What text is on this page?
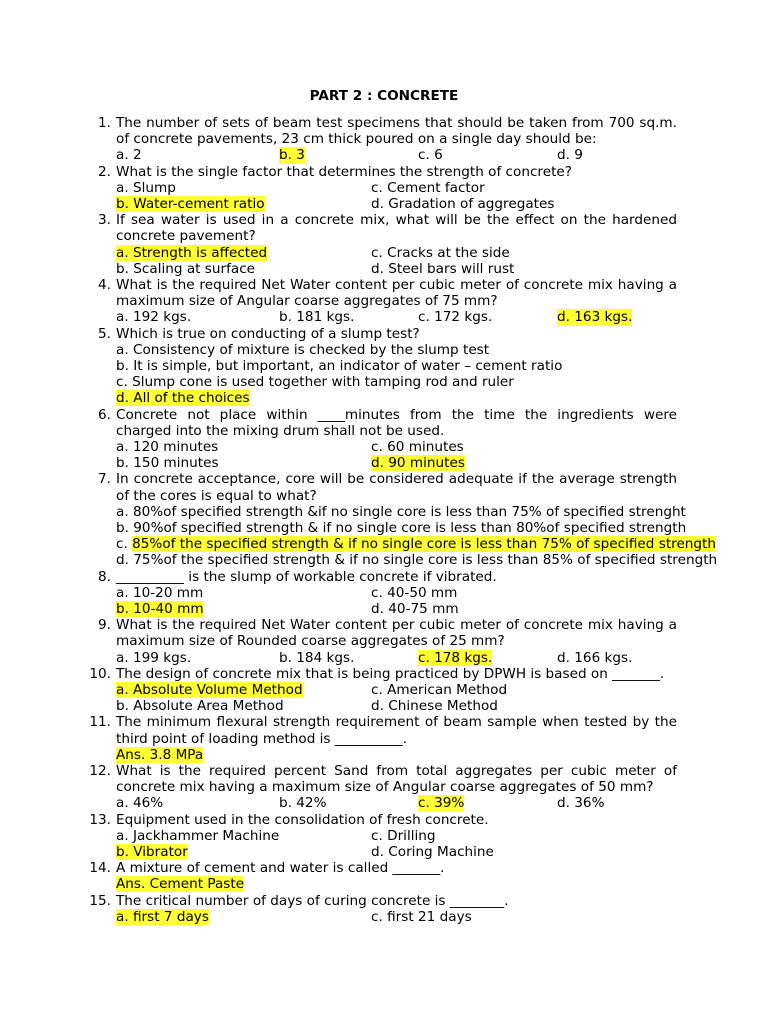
PART 2 : CONCRETE
1. The number of sets of beam test specimens that should be taken from 700 sq.m. of concrete pavements, 23 cm thick poured on a single day should be:
a. 2	b. 3	c. 6	d. 9
2. What is the single factor that determines the strength of concrete?
a. Slump	c. Cement factor
b. Water-cement ratio	d. Gradation of aggregates
3. If sea water is used in a concrete mix, what will be the effect on the hardened concrete pavement?
a. Strength is affected	c. Cracks at the side
b. Scaling at surface	d. Steel bars will rust
4. What is the required Net Water content per cubic meter of concrete mix having a maximum size of Angular coarse aggregates of 75 mm?
a. 192 kgs.	b. 181 kgs.	c. 172 kgs.	d. 163 kgs.
5. Which is true on conducting of a slump test?
a. Consistency of mixture is checked by the slump test
b. It is simple, but important, an indicator of water – cement ratio
c. Slump cone is used together with tamping rod and ruler
d. All of the choices
6. Concrete not place within ____minutes from the time the ingredients were charged into the mixing drum shall not be used.
a. 120 minutes	c. 60 minutes
b. 150 minutes	d. 90 minutes
7. In concrete acceptance, core will be considered adequate if the average strength of the cores is equal to what?
a. 80%of specified strength &if no single core is less than 75% of specified strenght
b. 90%of specified strength & if no single core is less than 80%of specified strength
c. 85%of the specified strength & if no single core is less than 75% of specified strength
d. 75%of the specified strength & if no single core is less than 85% of specified strength
8. __________ is the slump of workable concrete if vibrated.
a. 10-20 mm	c. 40-50 mm
b. 10-40 mm	d. 40-75 mm
9. What is the required Net Water content per cubic meter of concrete mix having a maximum size of Rounded coarse aggregates of 25 mm?
a. 199 kgs.	b. 184 kgs.	c. 178 kgs.	d. 166 kgs.
10. The design of concrete mix that is being practiced by DPWH is based on _______.
a. Absolute Volume Method	c. American Method
b. Absolute Area Method	d. Chinese Method
11. The minimum flexural strength requirement of beam sample when tested by the third point of loading method is __________.
Ans. 3.8 MPa
12. What is the required percent Sand from total aggregates per cubic meter of concrete mix having a maximum size of Angular coarse aggregates of 50 mm?
a. 46%	b. 42%	c. 39%	d. 36%
13. Equipment used in the consolidation of fresh concrete.
a. Jackhammer Machine	c. Drilling
b. Vibrator	d. Coring Machine
14. A mixture of cement and water is called _______.
Ans. Cement Paste
15. The critical number of days of curing concrete is ________.
a. first 7 days	c. first 21 days
